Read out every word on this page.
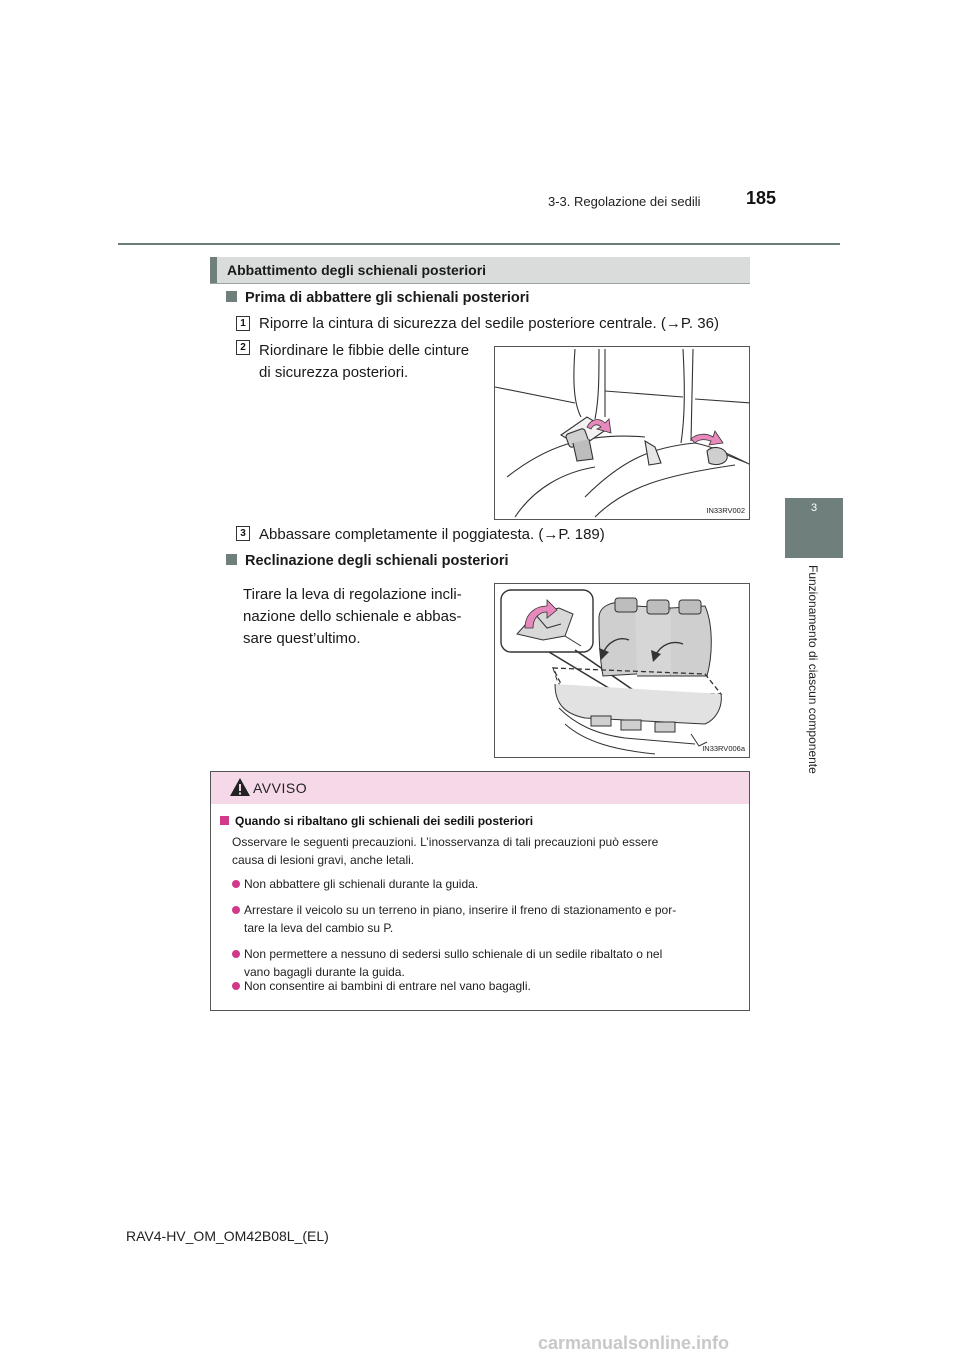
3-3. Regolazione dei sedili	185
3
Funzionamento di ciascun componente
Abbattimento degli schienali posteriori
Prima di abbattere gli schienali posteriori
1 Riporre la cintura di sicurezza del sedile posteriore centrale. (→P. 36)
2 Riordinare le fibbie delle cinture
di sicurezza posteriori.
IN33RV002
3 Abbassare completamente il poggiatesta. (→P. 189)
Reclinazione degli schienali posteriori
Tirare la leva di regolazione incli-
nazione dello schienale e abbas-
sare quest’ultimo.
IN33RV006a
AVVISO
Quando si ribaltano gli schienali dei sedili posteriori
Osservare le seguenti precauzioni. L’inosservanza di tali precauzioni può essere
causa di lesioni gravi, anche letali.
Non abbattere gli schienali durante la guida.
Arrestare il veicolo su un terreno in piano, inserire il freno di stazionamento e por-
tare la leva del cambio su P.
Non permettere a nessuno di sedersi sullo schienale di un sedile ribaltato o nel
vano bagagli durante la guida.
Non consentire ai bambini di entrare nel vano bagagli.
RAV4-HV_OM_OM42B08L_(EL)
carmanualsonline.info
